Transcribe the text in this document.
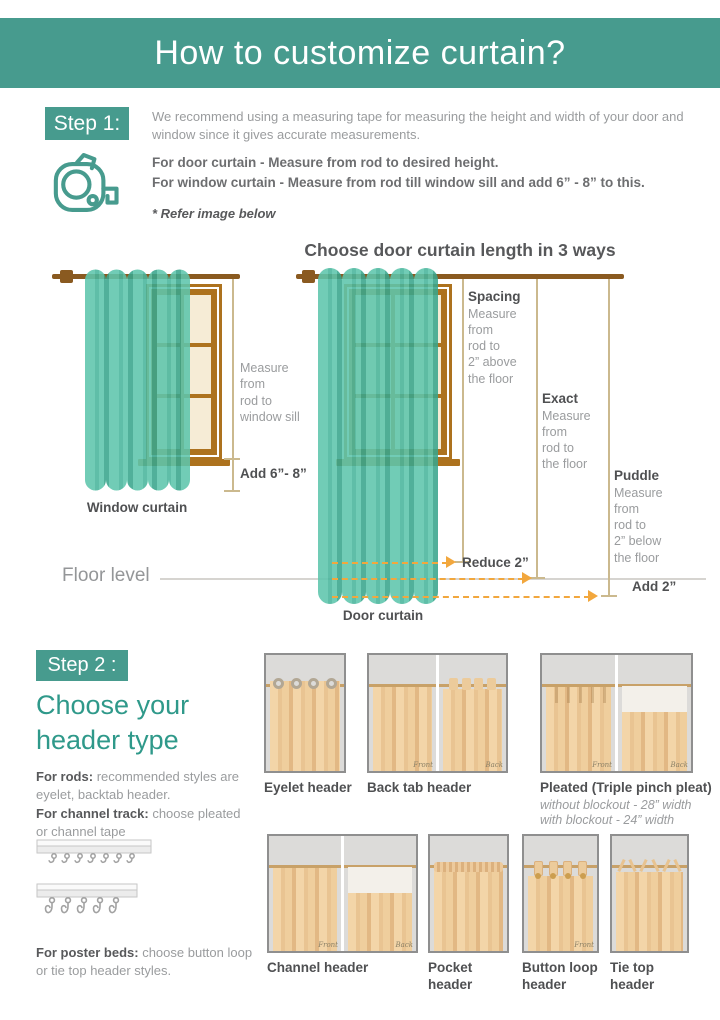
How to customize curtain?
Step 1: We recommend using a measuring tape for measuring the height and width of your door and window since it gives accurate measurements.
For door curtain - Measure from rod to desired height.
For window curtain - Measure from rod till window sill and add 6” - 8” to this.
* Refer image below
Choose door curtain length in 3 ways
Measure
from
rod to
window sill
Add 6”- 8”
Window curtain
Spacing
Measure
from
rod to
2” above
the floor
Exact
Measure
from
rod to
the floor
Puddle
Measure
from
rod to
2” below
the floor
Floor level
Reduce 2”
Add 2”
Door curtain
Step 2 :
Choose your
header type
For rods: recommended styles are eyelet, backtab header.
For channel track: choose pleated or channel tape
For poster beds: choose button loop or tie top header styles.
Front	Back	Front	Back
Eyelet header	Back tab header	Pleated (Triple pinch pleat)
without blockout - 28” width
with blockout - 24” width
Front	Back	Front
Channel header	Pocket header
Button loop header
Tie top header
